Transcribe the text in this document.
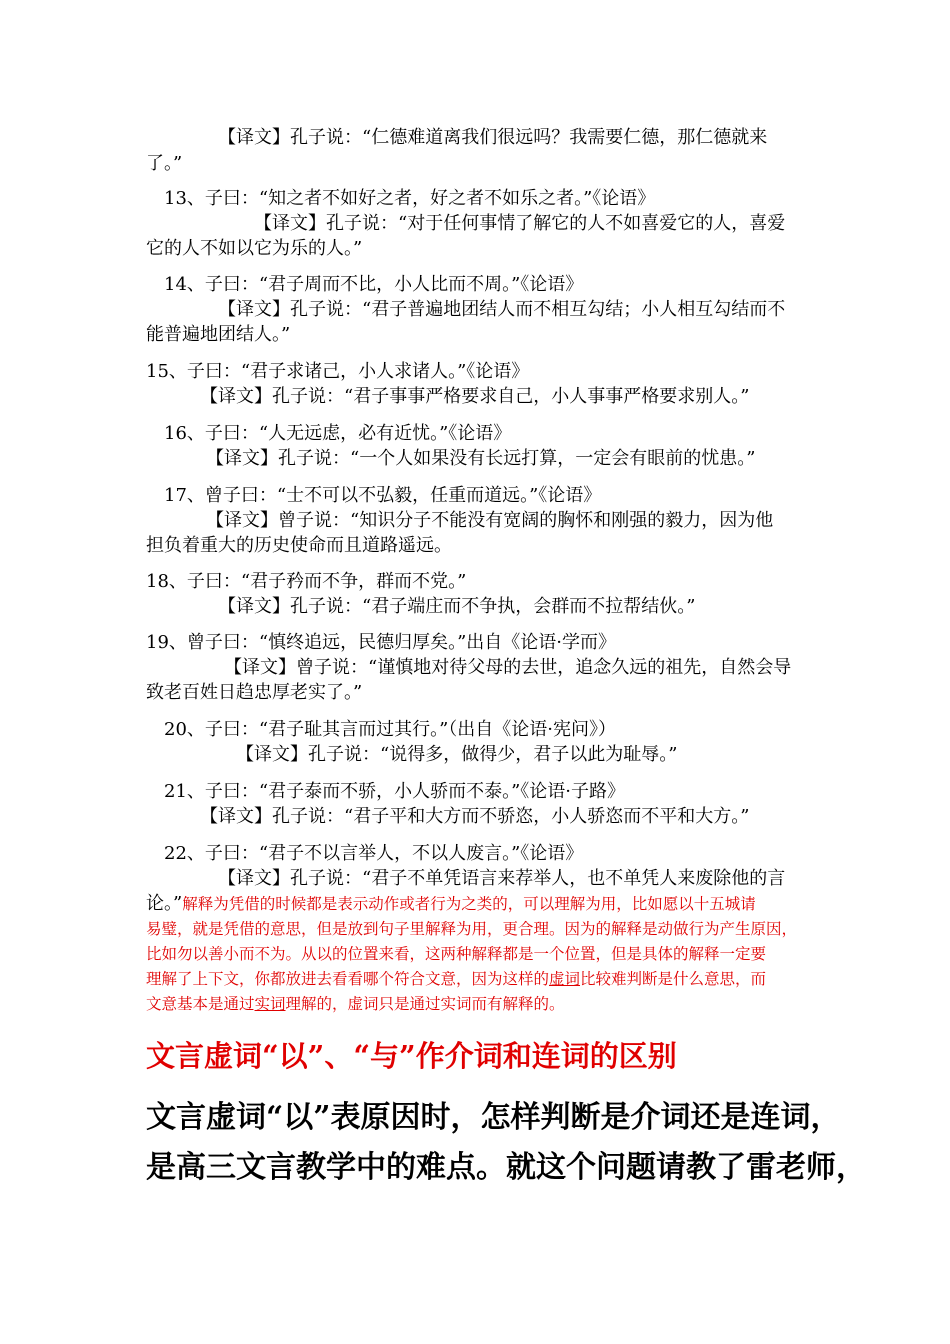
【译文】孔子说：“仁德难道离我们很远吗？我需要仁德，那仁德就来
了。”
13、子曰：“知之者不如好之者，好之者不如乐之者。”《论语》
【译文】孔子说：“对于任何事情了解它的人不如喜爱它的人，喜爱
它的人不如以它为乐的人。”
14、子曰：“君子周而不比，小人比而不周。”《论语》
【译文】孔子说：“君子普遍地团结人而不相互勾结；小人相互勾结而不
能普遍地团结人。”
15、子曰：“君子求诸己，小人求诸人。”《论语》
【译文】孔子说：“君子事事严格要求自己，小人事事严格要求别人。”
16、子曰：“人无远虑，必有近忧。”《论语》
【译文】孔子说：“一个人如果没有长远打算，一定会有眼前的忧患。”
17、曾子曰：“士不可以不弘毅，任重而道远。”《论语》
【译文】曾子说：“知识分子不能没有宽阔的胸怀和刚强的毅力，因为他
担负着重大的历史使命而且道路遥远。
18、子曰：“君子矜而不争，群而不党。”
【译文】孔子说：“君子端庄而不争执，会群而不拉帮结伙。”
19、曾子曰：“慎终追远，民德归厚矣。”出自《论语·学而》
【译文】曾子说：“谨慎地对待父母的去世，追念久远的祖先，自然会导
致老百姓日趋忠厚老实了。”
20、子曰：“君子耻其言而过其行。”（出自《论语·宪问》）
【译文】孔子说：“说得多，做得少，君子以此为耻辱。”
21、子曰：“君子泰而不骄，小人骄而不泰。”《论语·子路》
【译文】孔子说：“君子平和大方而不骄恣，小人骄恣而不平和大方。”
22、子曰：“君子不以言举人，不以人废言。”《论语》
【译文】孔子说：“君子不单凭语言来荐举人，也不单凭人来废除他的言
论。”解释为凭借的时候都是表示动作或者行为之类的，可以理解为用，比如愿以十五城请
易璧，就是凭借的意思，但是放到句子里解释为用，更合理。因为的解释是动做行为产生原因，
比如勿以善小而不为。从以的位置来看，这两种解释都是一个位置，但是具体的解释一定要
理解了上下文，你都放进去看看哪个符合文意，因为这样的虚词比较难判断是什么意思，而
文意基本是通过实词理解的，虚词只是通过实词而有解释的。
文言虚词“以”、“与”作介词和连词的区别
文言虚词“以”表原因时，怎样判断是介词还是连词，
是高三文言教学中的难点。就这个问题请教了雷老师，
